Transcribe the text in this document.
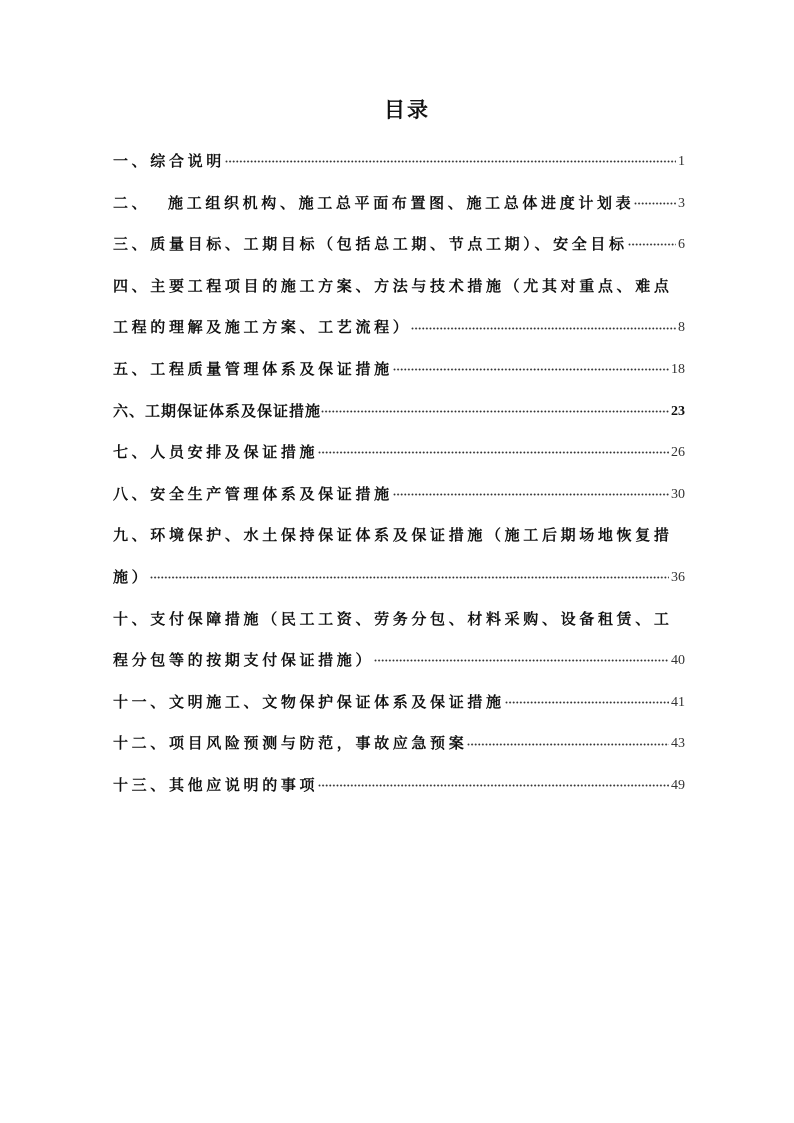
目录
一、综合说明	1
二、  施工组织机构、施工总平面布置图、施工总体进度计划表	3
三、质量目标、工期目标（包括总工期、节点工期）、安全目标	6
四、主要工程项目的施工方案、方法与技术措施（尤其对重点、难点
工程的理解及施工方案、工艺流程）	8
五、工程质量管理体系及保证措施	18
六、工期保证体系及保证措施	23
七、人员安排及保证措施	26
八、安全生产管理体系及保证措施	30
九、环境保护、水土保持保证体系及保证措施（施工后期场地恢复措
施）	36
十、支付保障措施（民工工资、劳务分包、材料采购、设备租赁、工
程分包等的按期支付保证措施）	40
十一、文明施工、文物保护保证体系及保证措施	41
十二、项目风险预测与防范，事故应急预案	43
十三、其他应说明的事项	49
